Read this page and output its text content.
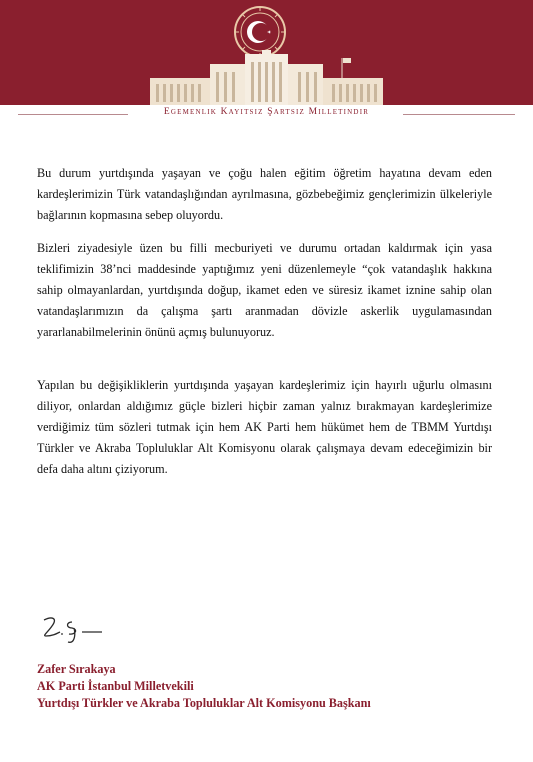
Egemenlik Kayıtsız Şartsız Milletindir

Bu durum yurtdışında yaşayan ve çoğu halen eğitim öğretim hayatına devam eden kardeşlerimizin Türk vatandaşlığından ayrılmasına, gözbebeğimiz gençlerimizin ülkeleriyle bağlarının kopmasına sebep oluyordu.

Bizleri ziyadesiyle üzen bu filli mecburiyeti ve durumu ortadan kaldırmak için yasa teklifimizin 38’nci maddesinde yaptığımız yeni düzenlemeyle “çok vatandaşlık hakkına sahip olmayanlardan, yurtdışında doğup, ikamet eden ve süresiz ikamet iznine sahip olan vatandaşlarımızın da çalışma şartı aranmadan dövizle askerlik uygulamasından yararlanabilmelerinin önünü açmış bulunuyoruz.

Yapılan bu değişikliklerin yurtdışında yaşayan kardeşlerimiz için hayırlı uğurlu olmasını diliyor, onlardan aldığımız güçle bizleri hiçbir zaman yalnız bırakmayan kardeşlerimize verdiğimiz tüm sözleri tutmak için hem AK Parti hem hükümet hem de TBMM Yurtdışı Türkler ve Akraba Topluluklar Alt Komisyonu olarak çalışmaya devam edeceğimizin bir defa daha altını çiziyorum.

Zafer Sırakaya
AK Parti İstanbul Milletvekili
Yurtdışı Türkler ve Akraba Topluluklar Alt Komisyonu Başkanı
